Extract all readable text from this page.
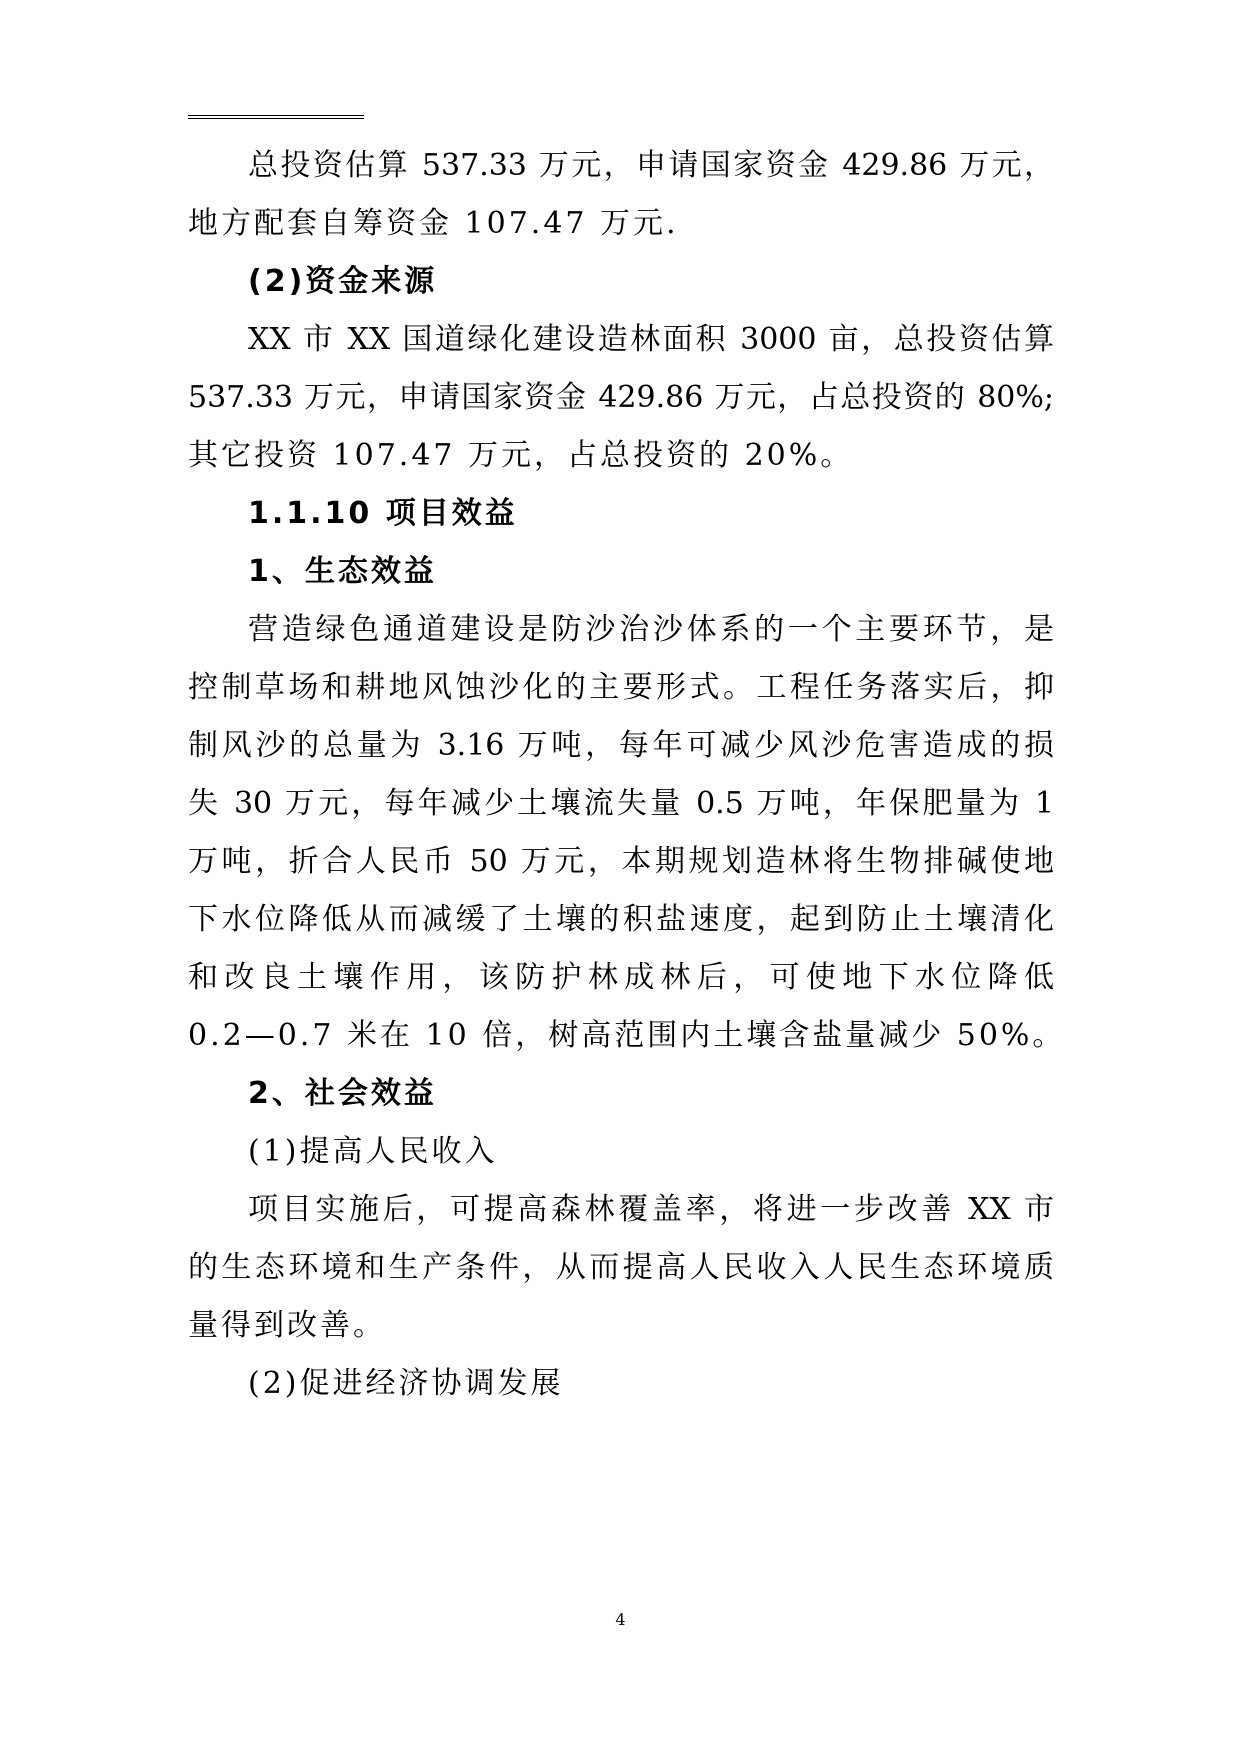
总投资估算 537.33 万元，申请国家资金 429.86 万元，
地方配套自筹资金 107.47 万元.
(2)资金来源
XX 市 XX 国道绿化建设造林面积 3000 亩，总投资估算
537.33 万元，申请国家资金 429.86 万元，占总投资的 80%;
其它投资 107.47 万元，占总投资的 20%。
1.1.10 项目效益
1、生态效益
营造绿色通道建设是防沙治沙体系的一个主要环节，是
控制草场和耕地风蚀沙化的主要形式。工程任务落实后，抑
制风沙的总量为 3.16 万吨，每年可减少风沙危害造成的损
失 30 万元，每年减少土壤流失量 0.5 万吨，年保肥量为 1
万吨，折合人民币 50 万元，本期规划造林将生物排碱使地
下水位降低从而减缓了土壤的积盐速度，起到防止土壤清化
和改良土壤作用，该防护林成林后，可使地下水位降低
0.2—0.7 米在 10 倍，树高范围内土壤含盐量减少 50%。
2、社会效益
(1)提高人民收入
项目实施后，可提高森林覆盖率，将进一步改善 XX 市
的生态环境和生产条件，从而提高人民收入人民生态环境质
量得到改善。
(2)促进经济协调发展
4
